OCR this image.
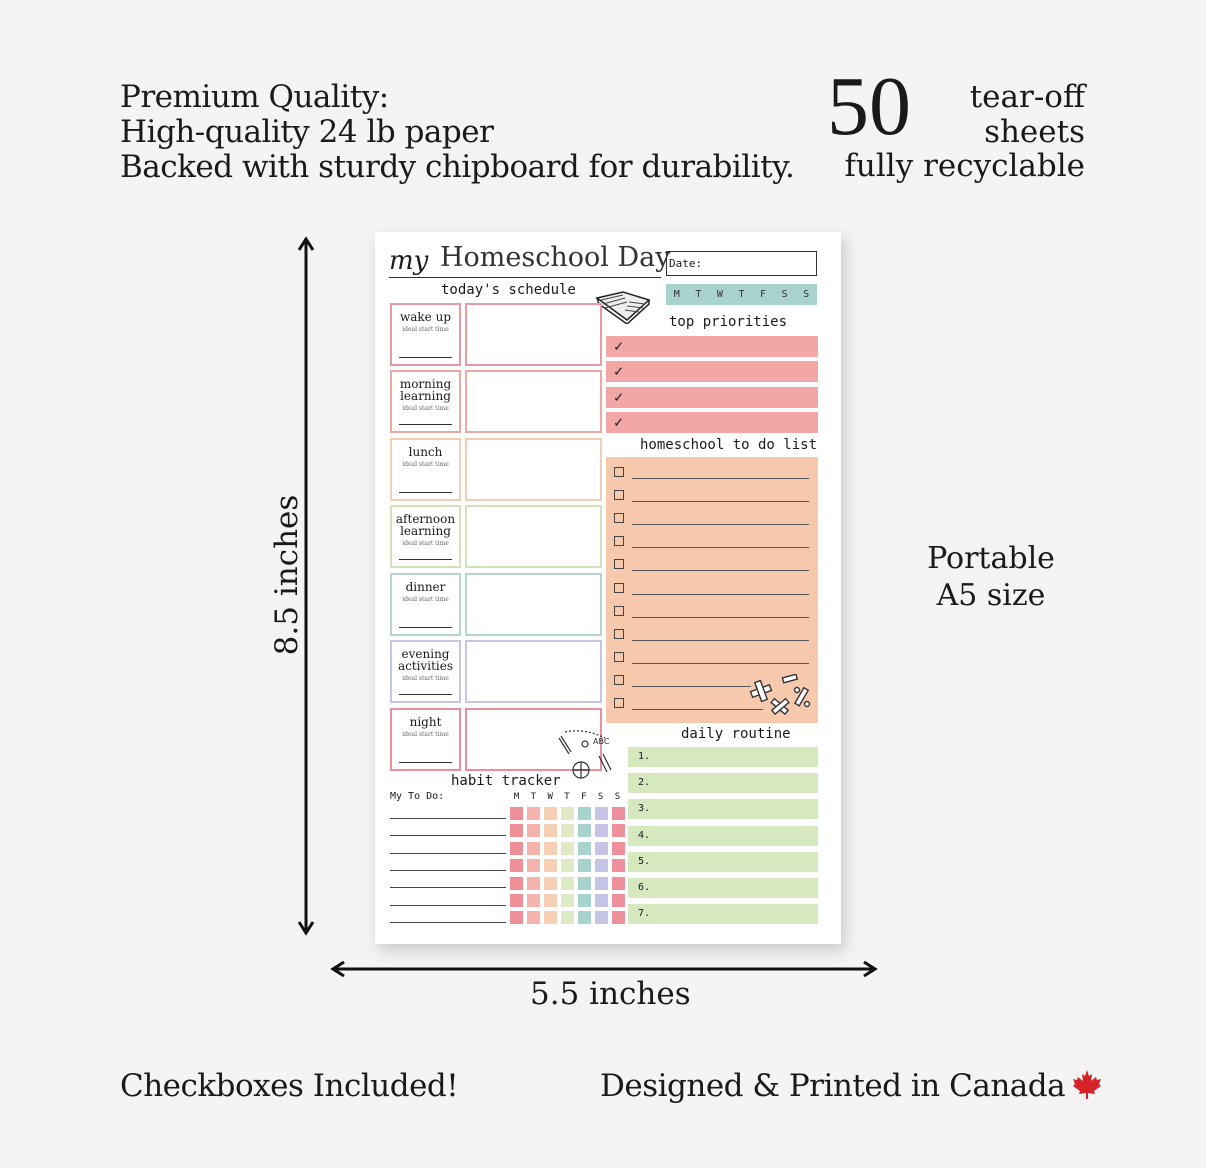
Premium Quality:
High-quality 24 lb paper
Backed with sturdy chipboard for durability.
50 tear-off
sheets
fully recyclable
Portable
A5 size
8.5 inches
5.5 inches
Checkboxes Included!	Designed & Printed in Canada
my Homeschool Day
Date:
M T W T F S S
today's schedule
wake up
ideal start time
morning
learning
ideal start time
lunch
ideal start time
afternoon
learning
ideal start time
dinner
ideal start time
evening
activities
ideal start time
night
ideal start time
top priorities
✓
✓
✓
✓
homeschool to do list
daily routine
1.
2.
3.
4.
5.
6.
7.
ABC
habit tracker
My To Do:	M	T	W	T	F	S	S
